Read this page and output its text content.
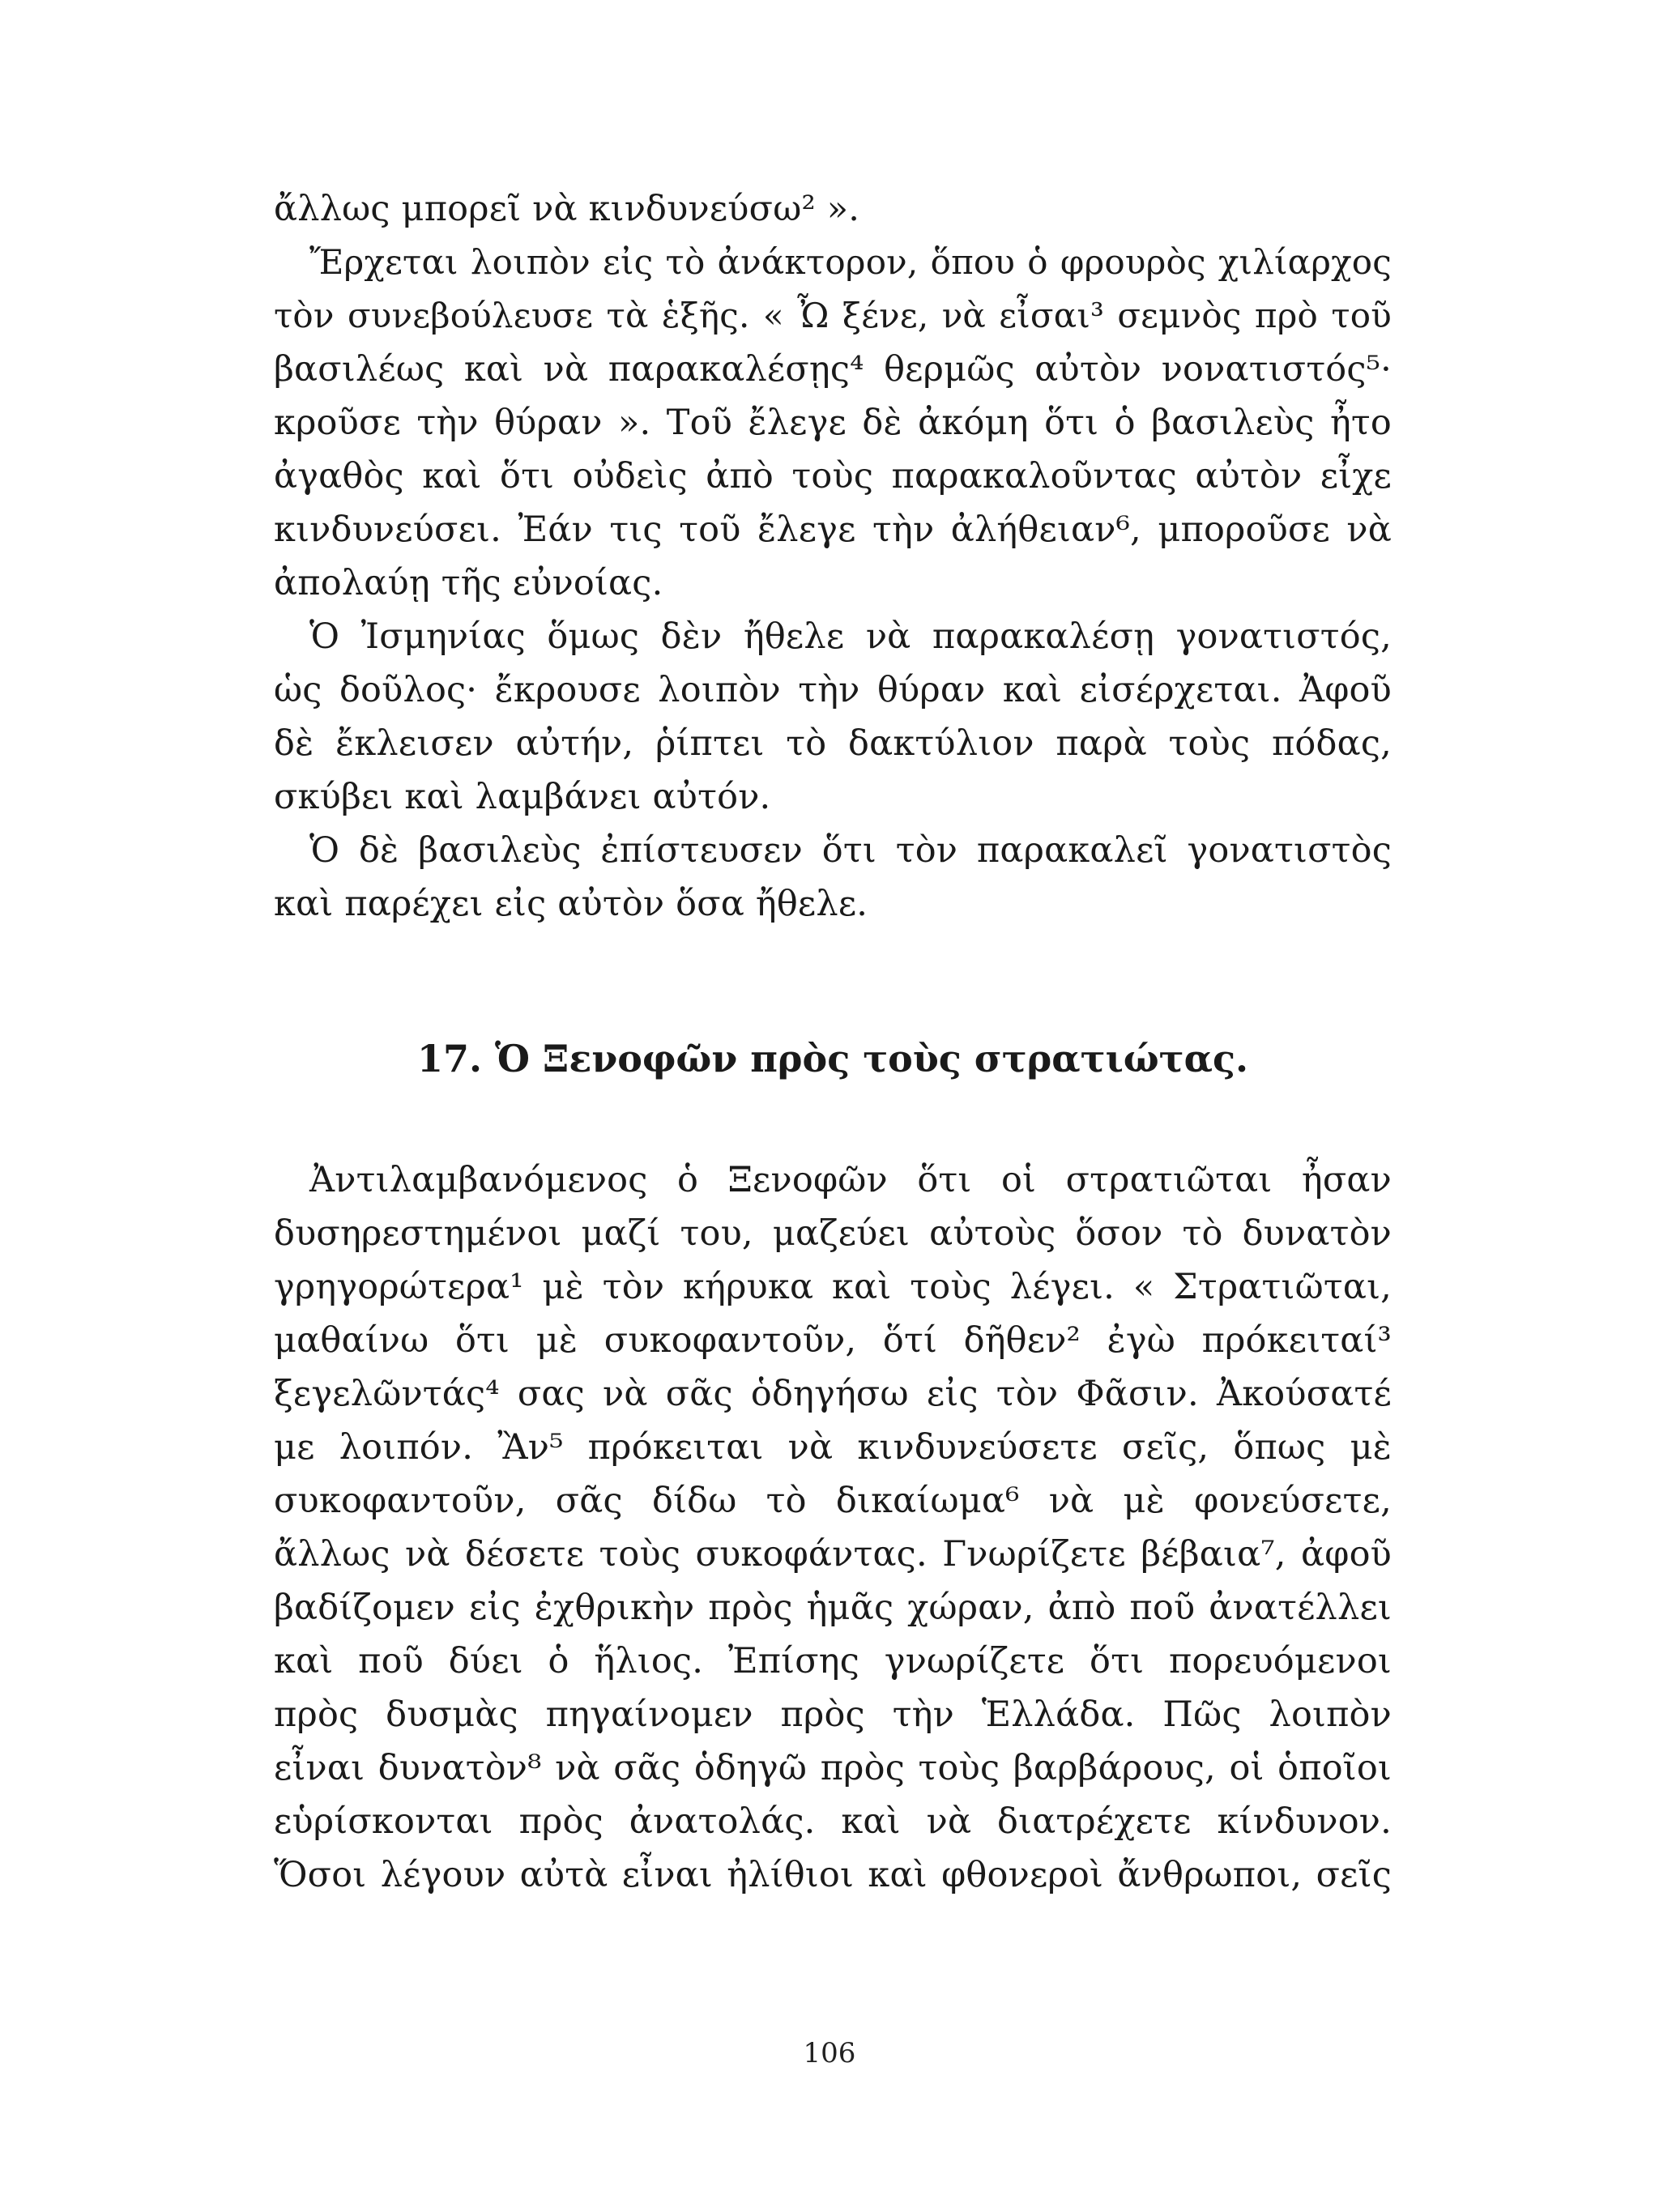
ἄλλως μπορεῖ νὰ κινδυνεύσω² ».
Ἔρχεται λοιπὸν εἰς τὸ ἀνάκτορον, ὅπου ὁ φρουρὸς χιλίαρχος
τὸν συνεβούλευσε τὰ ἑξῆς. « Ὦ ξένε, νὰ εἶσαι³ σεμνὸς πρὸ τοῦ
βασιλέως καὶ νὰ παρακαλέσῃς⁴ θερμῶς αὐτὸν νονατιστός⁵·
κροῦσε τὴν θύραν ». Τοῦ ἔλεγε δὲ ἀκόμη ὅτι ὁ βασιλεὺς ἦτο
ἀγαθὸς καὶ ὅτι οὐδεὶς ἀπὸ τοὺς παρακαλοῦντας αὐτὸν εἶχε
κινδυνεύσει. Ἐάν τις τοῦ ἔλεγε τὴν ἀλήθειαν⁶, μποροῦσε νὰ
ἀπολαύῃ τῆς εὐνοίας.
Ὁ Ἰσμηνίας ὅμως δὲν ἤθελε νὰ παρακαλέσῃ γονατιστός,
ὡς δοῦλος· ἔκρουσε λοιπὸν τὴν θύραν καὶ εἰσέρχεται. Ἀφοῦ
δὲ ἔκλεισεν αὐτήν, ῥίπτει τὸ δακτύλιον παρὰ τοὺς πόδας,
σκύβει καὶ λαμβάνει αὐτόν.
Ὁ δὲ βασιλεὺς ἐπίστευσεν ὅτι τὸν παρακαλεῖ γονατιστὸς
καὶ παρέχει εἰς αὐτὸν ὅσα ἤθελε.
17. Ὁ Ξενοφῶν πρὸς τοὺς στρατιώτας.
Ἀντιλαμβανόμενος ὁ Ξενοφῶν ὅτι οἱ στρατιῶται ἦσαν
δυσηρεστημένοι μαζί του, μαζεύει αὐτοὺς ὅσον τὸ δυνατὸν
γρηγορώτερα¹ μὲ τὸν κήρυκα καὶ τοὺς λέγει. « Στρατιῶται,
μαθαίνω ὅτι μὲ συκοφαντοῦν, ὅτί δῆθεν² ἐγὼ πρόκειταί³
ξεγελῶντάς⁴ σας νὰ σᾶς ὁδηγήσω εἰς τὸν Φᾶσιν. Ἀκούσατέ
με λοιπόν. Ἂν⁵ πρόκειται νὰ κινδυνεύσετε σεῖς, ὅπως μὲ
συκοφαντοῦν, σᾶς δίδω τὸ δικαίωμα⁶ νὰ μὲ φονεύσετε,
ἄλλως νὰ δέσετε τοὺς συκοφάντας. Γνωρίζετε βέβαια⁷, ἀφοῦ
βαδίζομεν εἰς ἐχθρικὴν πρὸς ἡμᾶς χώραν, ἀπὸ ποῦ ἀνατέλλει
καὶ ποῦ δύει ὁ ἥλιος. Ἐπίσης γνωρίζετε ὅτι πορευόμενοι
πρὸς δυσμὰς πηγαίνομεν πρὸς τὴν Ἑλλάδα. Πῶς λοιπὸν
εἶναι δυνατὸν⁸ νὰ σᾶς ὁδηγῶ πρὸς τοὺς βαρβάρους, οἱ ὁποῖοι
εὑρίσκονται πρὸς ἀνατολάς. καὶ νὰ διατρέχετε κίνδυνον.
Ὅσοι λέγουν αὐτὰ εἶναι ἠλίθιοι καὶ φθονεροὶ ἄνθρωποι, σεῖς
106
